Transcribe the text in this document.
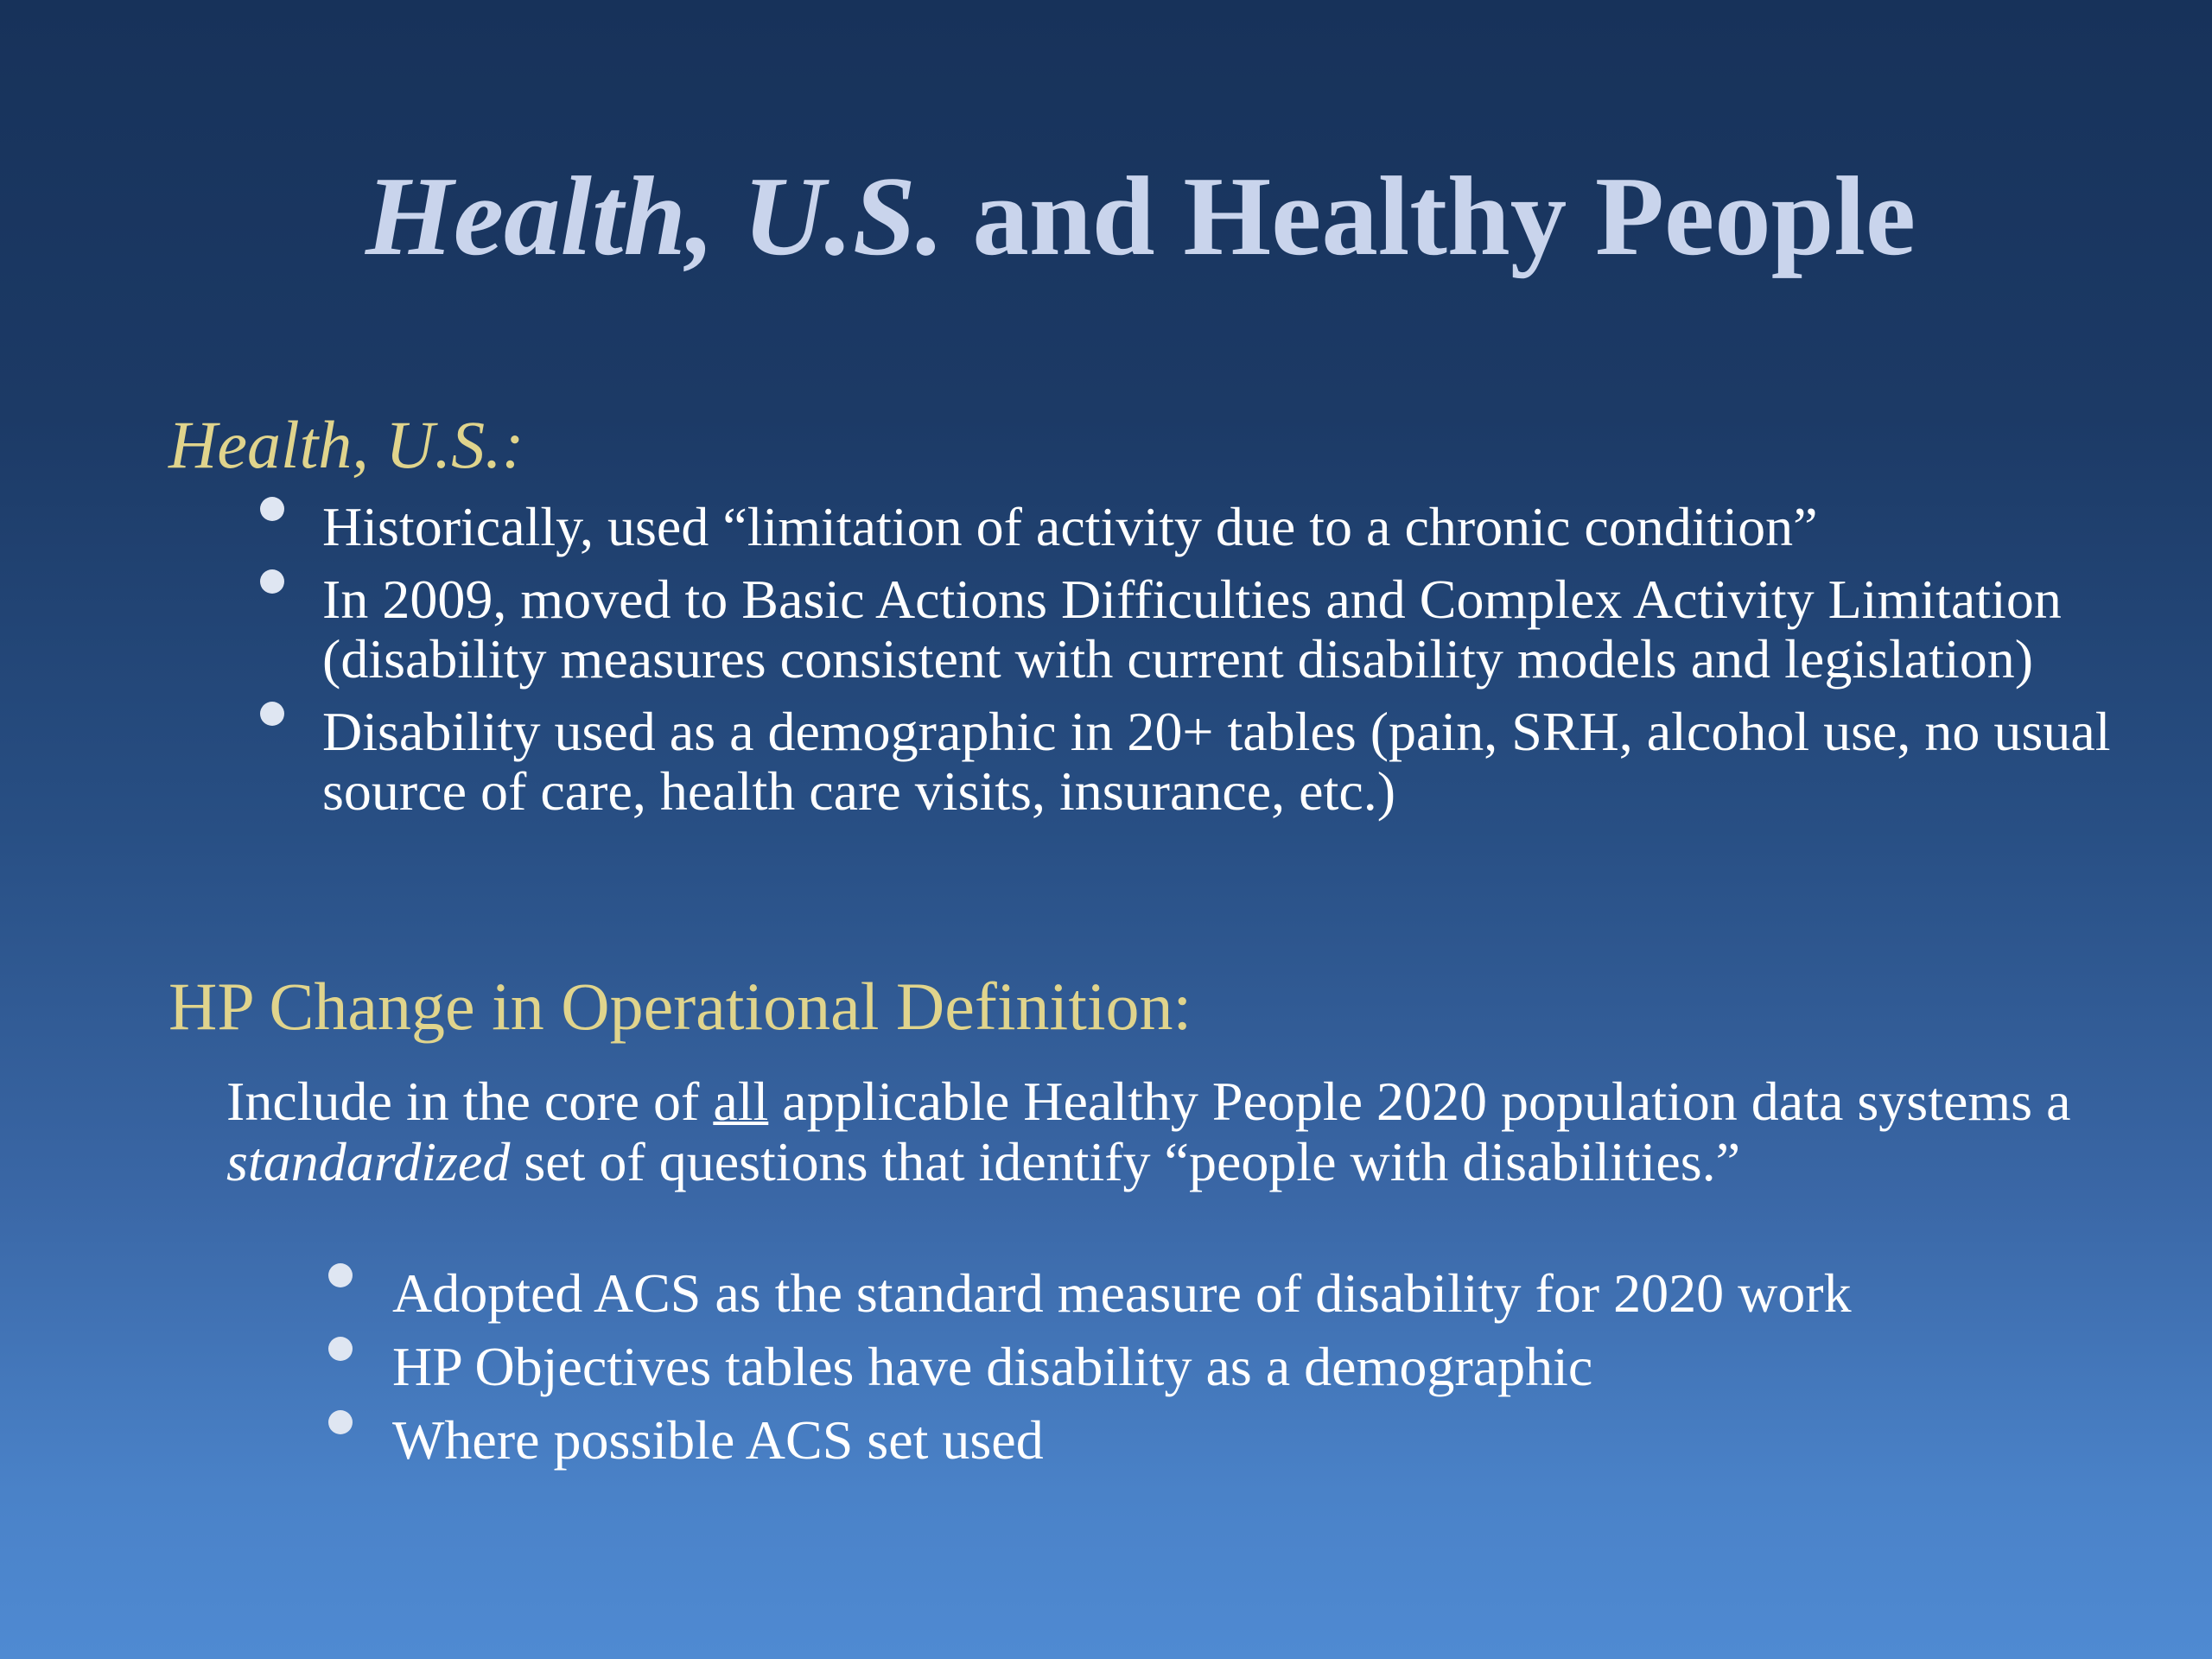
Health, U.S. and Healthy People
Health, U.S.:
Historically, used “limitation of activity due to a chronic condition”
In 2009, moved to Basic Actions Difficulties and Complex Activity Limitation (disability measures consistent with current disability models and legislation)
Disability used as a demographic in 20+ tables (pain, SRH, alcohol use, no usual source of care, health care visits, insurance, etc.)
HP Change in Operational Definition:
Include in the core of all applicable Healthy People 2020 population data systems a standardized set of questions that identify “people with disabilities.”
Adopted ACS as the standard measure of disability for 2020 work
HP Objectives tables have disability as a demographic
Where possible ACS set used
